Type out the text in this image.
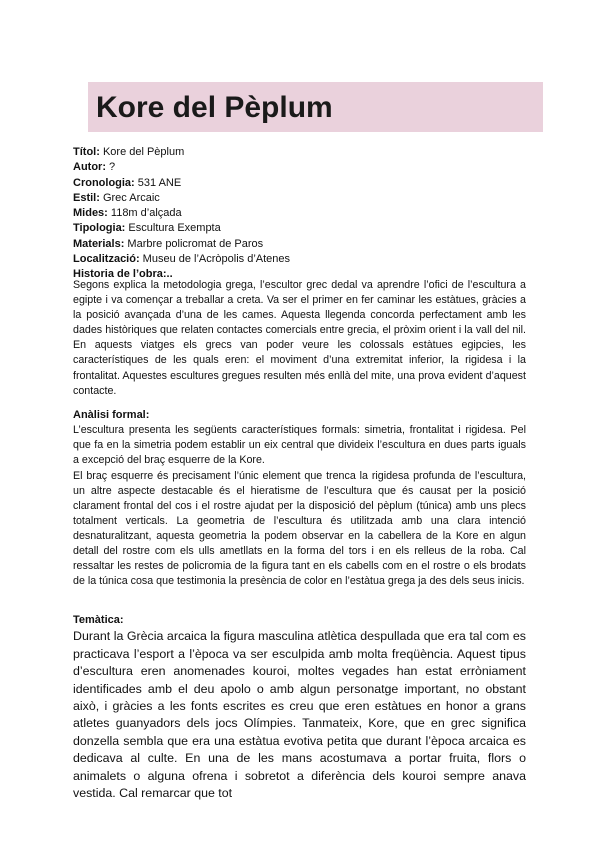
Kore del Pèplum
Títol: Kore del Pèplum
Autor: ?
Cronologia: 531 ANE
Estil: Grec Arcaic
Mides: 118m d’alçada
Tipologia: Escultura Exempta
Materials: Marbre policromat de Paros
Localització: Museu de l’Acròpolis d’Atenes
Historia de l’obra:..

Segons explica la metodologia grega, l’escultor grec dedal va aprendre l’ofici de l’escultura a egipte i va començar a treballar a creta. Va ser el primer en fer caminar les estàtues, gràcies a la posició avançada d’una de les cames. Aquesta llegenda concorda perfectament amb les dades històriques que relaten contactes comercials entre grecia, el pròxim orient i la vall del nil. En aquests viatges els grecs van poder veure les colossals estàtues egipcies, les característiques de les quals eren: el moviment d’una extremitat inferior, la rigidesa i la frontalitat. Aquestes escultures gregues resulten més enllà del mite, una prova evident d’aquest contacte.

Anàlisi formal:

L’escultura presenta les següents característiques formals: simetria, frontalitat i rigidesa. Pel que fa en la simetria podem establir un eix central que divideix l’escultura en dues parts iguals a excepció del braç esquerre de la Kore.

El braç esquerre és precisament l’únic element que trenca la rigidesa profunda de l’escultura, un altre aspecte destacable és el hieratisme de l’escultura que és causat per la posició clarament frontal del cos i el rostre ajudat per la disposició del pèplum (túnica) amb uns plecs totalment verticals. La geometria de l’escultura és utilitzada amb una clara intenció desnaturalitzant, aquesta geometria la podem observar en la cabellera de la Kore en algun detall del rostre com els ulls ametllats en la forma del tors i en els relleus de la roba. Cal ressaltar les restes de policromia de la figura tant en els cabells com en el rostre o els brodats de la túnica cosa que testimonia la presència de color en l’estàtua grega ja des dels seus inicis.

Temàtica:

Durant la Grècia arcaica la figura masculina atlètica despullada que era tal com es practicava l’esport a l’època va ser esculpida amb molta freqüència. Aquest tipus d’escultura eren anomenades kouroi, moltes vegades han estat erròniament identificades amb el deu apolo o amb algun personatge important, no obstant això, i gràcies a les fonts escrites es creu que eren estàtues en honor a grans atletes guanyadors dels jocs Olímpies. Tanmateix, Kore, que en grec significa donzella sembla que era una estàtua evotiva petita que durant l’època arcaica es dedicava al culte. En una de les mans acostumava a portar fruita, flors o animalets o alguna ofrena i sobretot a diferència dels kouroi sempre anava vestida. Cal remarcar que tot
